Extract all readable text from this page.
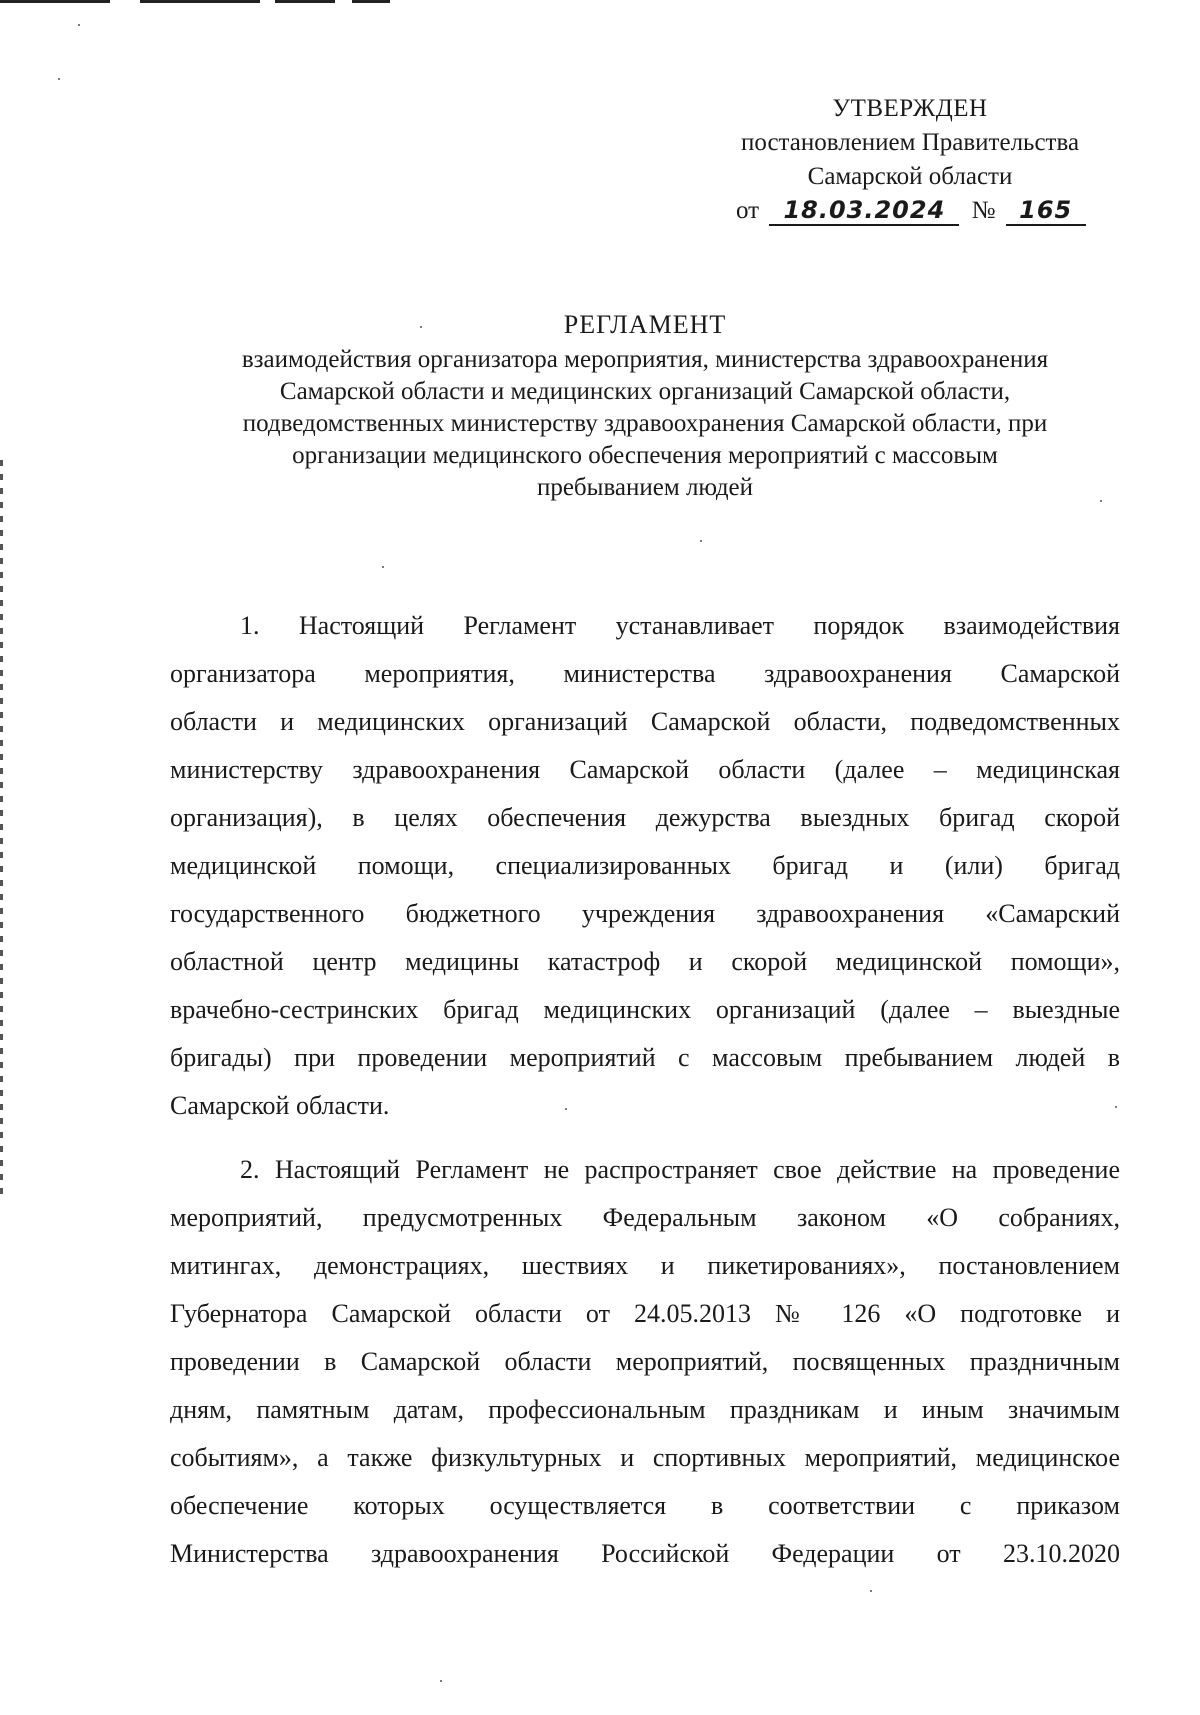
УТВЕРЖДЕН
постановлением Правительства
Самарской области
от 18.03.2024 № 165
РЕГЛАМЕНТ
взаимодействия организатора мероприятия, министерства здравоохранения
Самарской области и медицинских организаций Самарской области,
подведомственных министерству здравоохранения Самарской области, при
организации медицинского обеспечения мероприятий с массовым
пребыванием людей
1. Настоящий Регламент устанавливает порядок взаимодействия
организатора мероприятия, министерства здравоохранения Самарской
области и медицинских организаций Самарской области, подведомственных
министерству здравоохранения Самарской области (далее – медицинская
организация), в целях обеспечения дежурства выездных бригад скорой
медицинской помощи, специализированных бригад и (или) бригад
государственного бюджетного учреждения здравоохранения «Самарский
областной центр медицины катастроф и скорой медицинской помощи»,
врачебно-сестринских бригад медицинских организаций (далее – выездные
бригады) при проведении мероприятий с массовым пребыванием людей в
Самарской области.
2. Настоящий Регламент не распространяет свое действие на проведение
мероприятий, предусмотренных Федеральным законом «О собраниях,
митингах, демонстрациях, шествиях и пикетированиях», постановлением
Губернатора Самарской области от 24.05.2013 № 126 «О подготовке и
проведении в Самарской области мероприятий, посвященных праздничным
дням, памятным датам, профессиональным праздникам и иным значимым
событиям», а также физкультурных и спортивных мероприятий, медицинское
обеспечение которых осуществляется в соответствии с приказом
Министерства здравоохранения Российской Федерации от 23.10.2020
